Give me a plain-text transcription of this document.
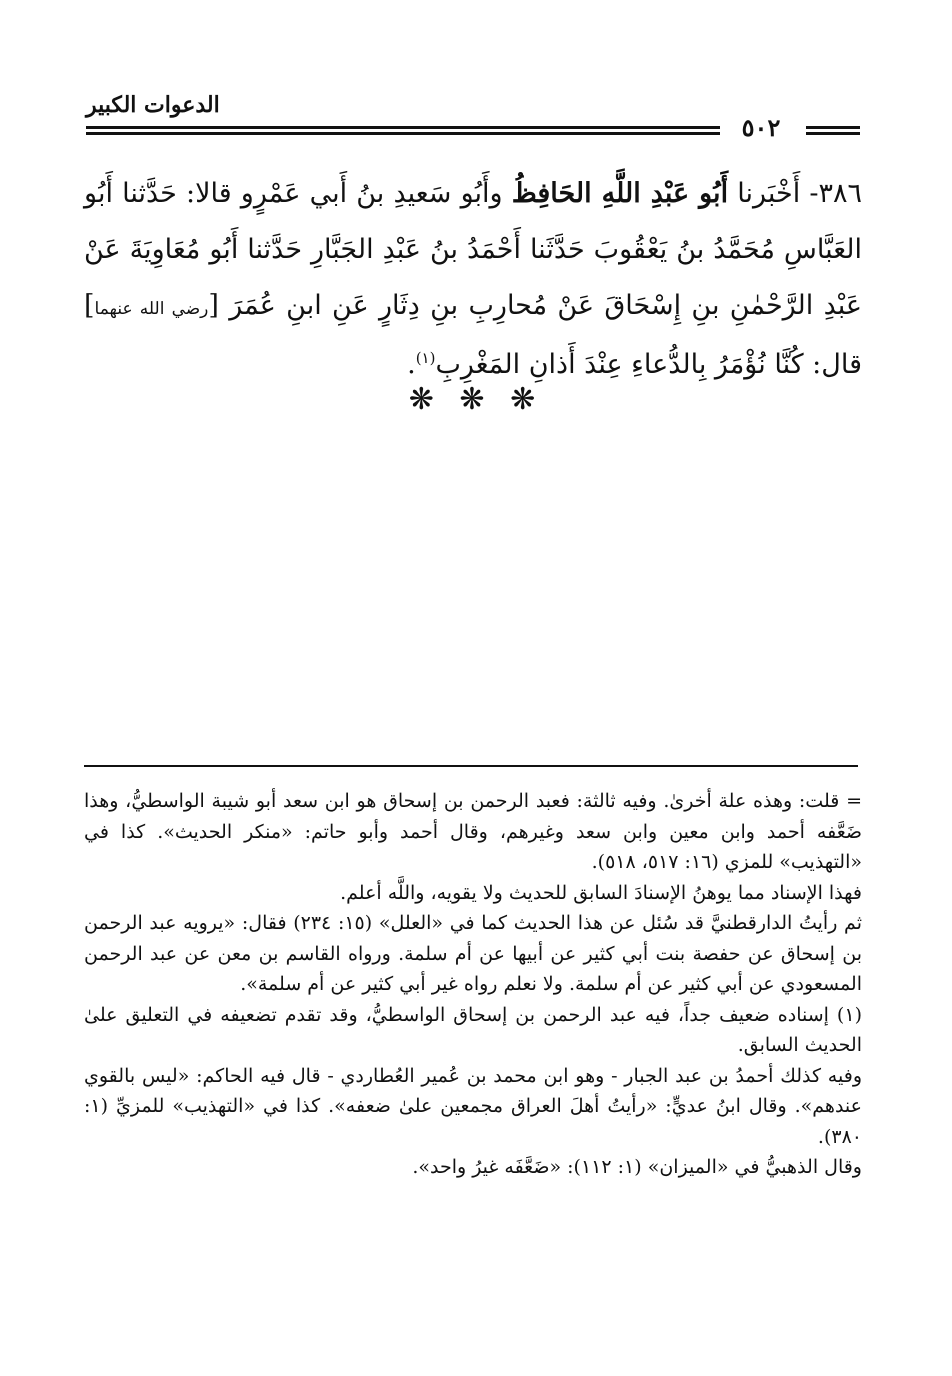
الدعوات الكبير
٥٠٢
٣٨٦- أَخْبَرنا أَبُو عَبْدِ اللَّهِ الحَافِظُ وأَبُو سَعيدِ بنُ أَبي عَمْرٍو قالا: حَدَّثنا أَبُو العَبَّاسِ مُحَمَّدُ بنُ يَعْقُوبَ حَدَّثَنا أَحْمَدُ بنُ عَبْدِ الجَبَّارِ حَدَّثنا أَبُو مُعَاوِيَةَ عَنْ عَبْدِ الرَّحْمٰنِ بنِ إِسْحَاقَ عَنْ مُحارِبِ بنِ دِثَارٍ عَنِ ابنِ عُمَرَ [رضي الله عنهما] قال: كُنَّا نُؤْمَرُ بِالدُّعاءِ عِنْدَ أَذانِ المَغْرِبِ$^{(١)}$.
❋ ❋ ❋

= قلت: وهذه علة أخرىٰ. وفيه ثالثة: فعبد الرحمن بن إسحاق هو ابن سعد أبو شيبة الواسطيُّ، وهذا ضَعَّفه أحمد وابن معين وابن سعد وغيرهم، وقال أحمد وأبو حاتم: «منكر الحديث». كذا في «التهذيب» للمزي (١٦: ٥١٧، ٥١٨).

فهذا الإسناد مما يوهنُ الإسنادَ السابق للحديث ولا يقويه، واللَّه أعلم.

ثم رأيتُ الدارقطنيَّ قد سُئل عن هذا الحديث كما في «العلل» (١٥: ٢٣٤) فقال: «يرويه عبد الرحمن بن إسحاق عن حفصة بنت أبي كثير عن أبيها عن أم سلمة. ورواه القاسم بن معن عن عبد الرحمن المسعودي عن أبي كثير عن أم سلمة. ولا نعلم رواه غير أبي كثير عن أم سلمة».

(١) إسناده ضعيف جداً، فيه عبد الرحمن بن إسحاق الواسطيُّ، وقد تقدم تضعيفه في التعليق علىٰ الحديث السابق.

وفيه كذلك أحمدُ بن عبد الجبار - وهو ابن محمد بن عُمير العُطاردي - قال فيه الحاكم: «ليس بالقوي عندهم». وقال ابنُ عديٍّ: «رأيتُ أهلَ العراق مجمعين علىٰ ضعفه». كذا في «التهذيب» للمزيِّ (١: ٣٨٠).

وقال الذهبيُّ في «الميزان» (١: ١١٢): «ضَعَّفَه غيرُ واحد».
